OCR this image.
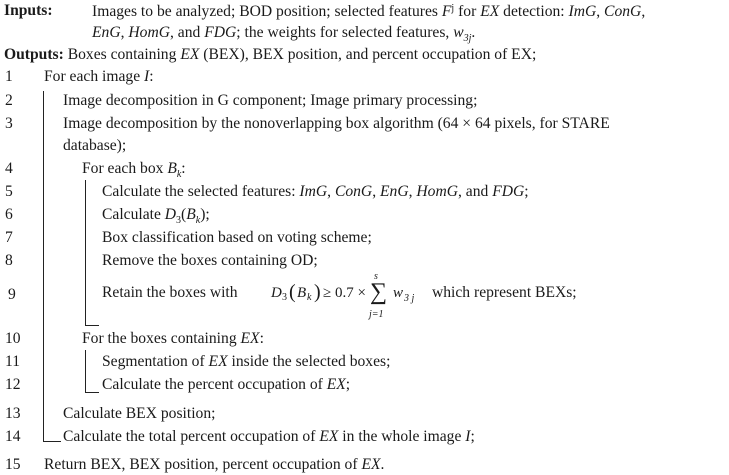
Inputs:	Images to be analyzed; BOD position; selected features $F^j$ for EX detection: ImG, ConG,
EnG, HomG, and FDG; the weights for selected features, $w_{3j}$.
Outputs: Boxes containing EX (BEX), BEX position, and percent occupation of EX;
1	For each image I:
2	Image decomposition in G component; Image primary processing;
3	Image decomposition by the nonoverlapping box algorithm (64 × 64 pixels, for STARE
database);
4	For each box $B_k$:
5	Calculate the selected features: ImG, ConG, EnG, HomG, and FDG;
6	Calculate $D_3(B_k)$;
7	Box classification based on voting scheme;
8	Remove the boxes containing OD;
9	Retain the boxes with D 3 ( B k ) ≥ 0.7 ×
s
∑
j=1
w 3 j which represent BEXs;
10	For the boxes containing EX:
11	Segmentation of EX inside the selected boxes;
12	Calculate the percent occupation of EX;
13	Calculate BEX position;
14	Calculate the total percent occupation of EX in the whole image I;
15	Return BEX, BEX position, percent occupation of EX.
